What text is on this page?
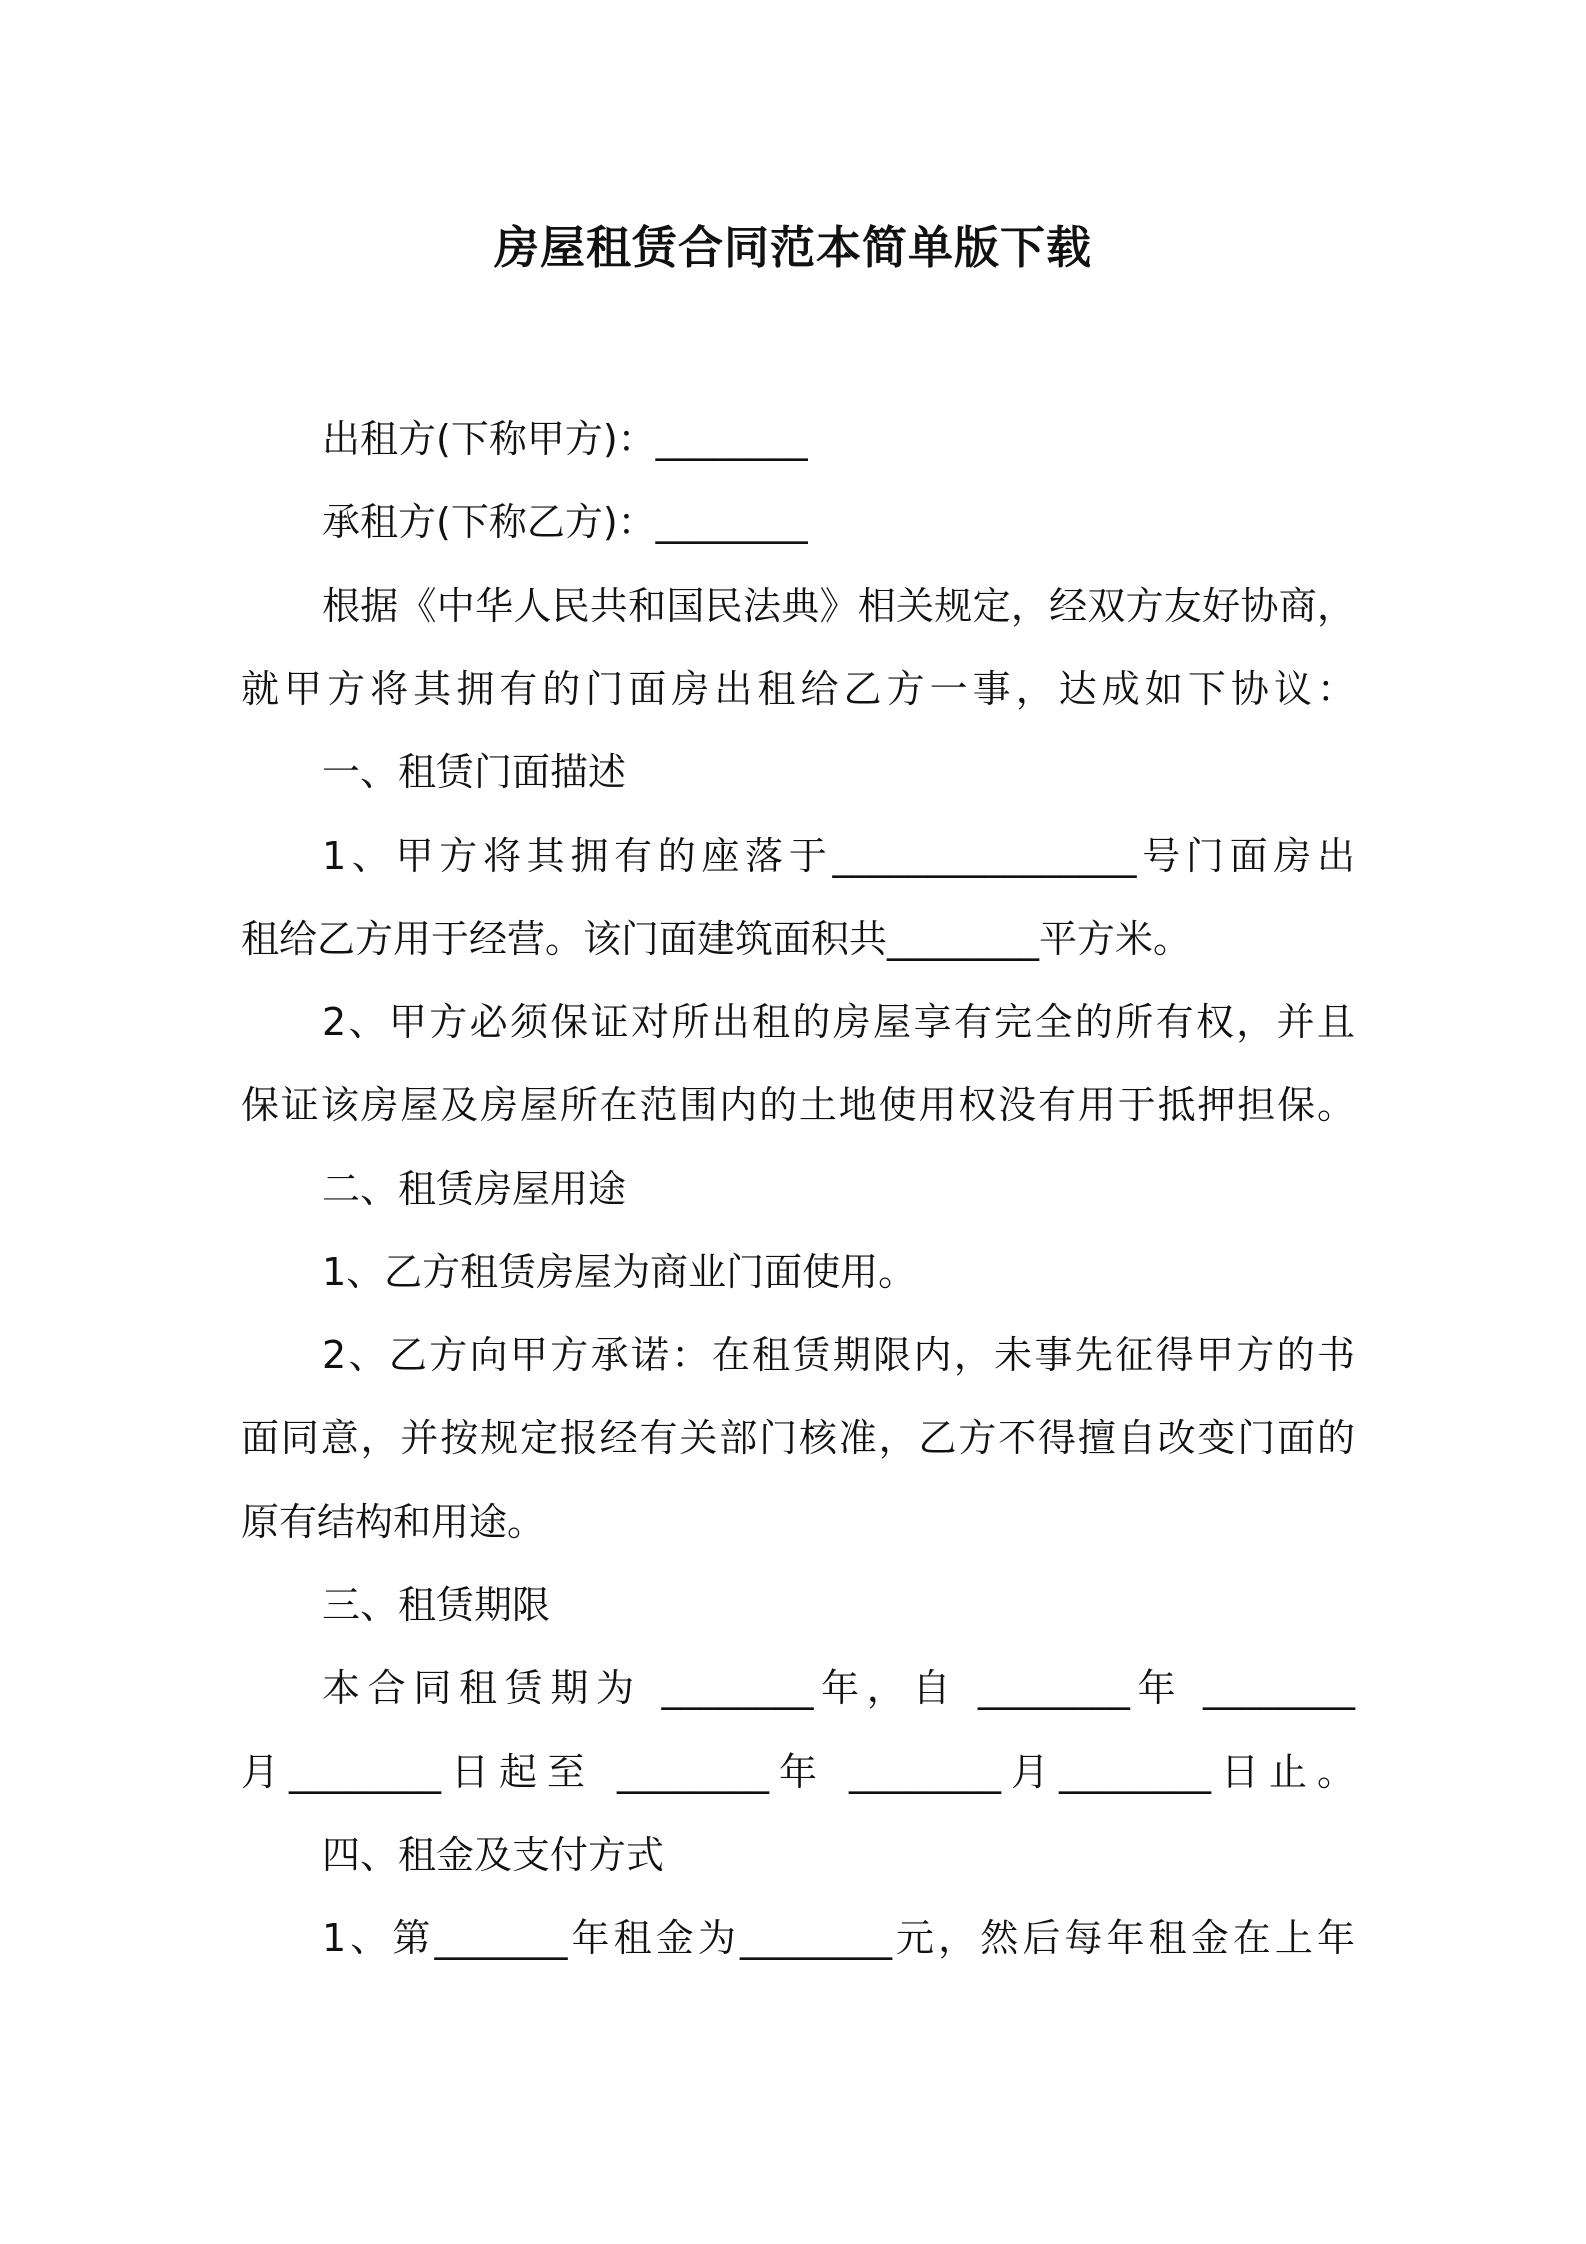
房屋租赁合同范本简单版下载
出租方(下称甲方)：________
承租方(下称乙方)：________
根据《中华人民共和国民法典》相关规定，经双方友好协商，
就甲方将其拥有的门面房出租给乙方一事，达成如下协议：
一、租赁门面描述
1、甲方将其拥有的座落于________________号门面房出
租给乙方用于经营。该门面建筑面积共________平方米。
2、甲方必须保证对所出租的房屋享有完全的所有权，并且
保证该房屋及房屋所在范围内的土地使用权没有用于抵押担保。
二、租赁房屋用途
1、乙方租赁房屋为商业门面使用。
2、乙方向甲方承诺：在租赁期限内，未事先征得甲方的书
面同意，并按规定报经有关部门核准，乙方不得擅自改变门面的
原有结构和用途。
三、租赁期限
本合同租赁期为 ________年，自 ________年 ________
月________日起至 ________年 ________月________日止。
四、租金及支付方式
1、第_______年租金为________元，然后每年租金在上年
